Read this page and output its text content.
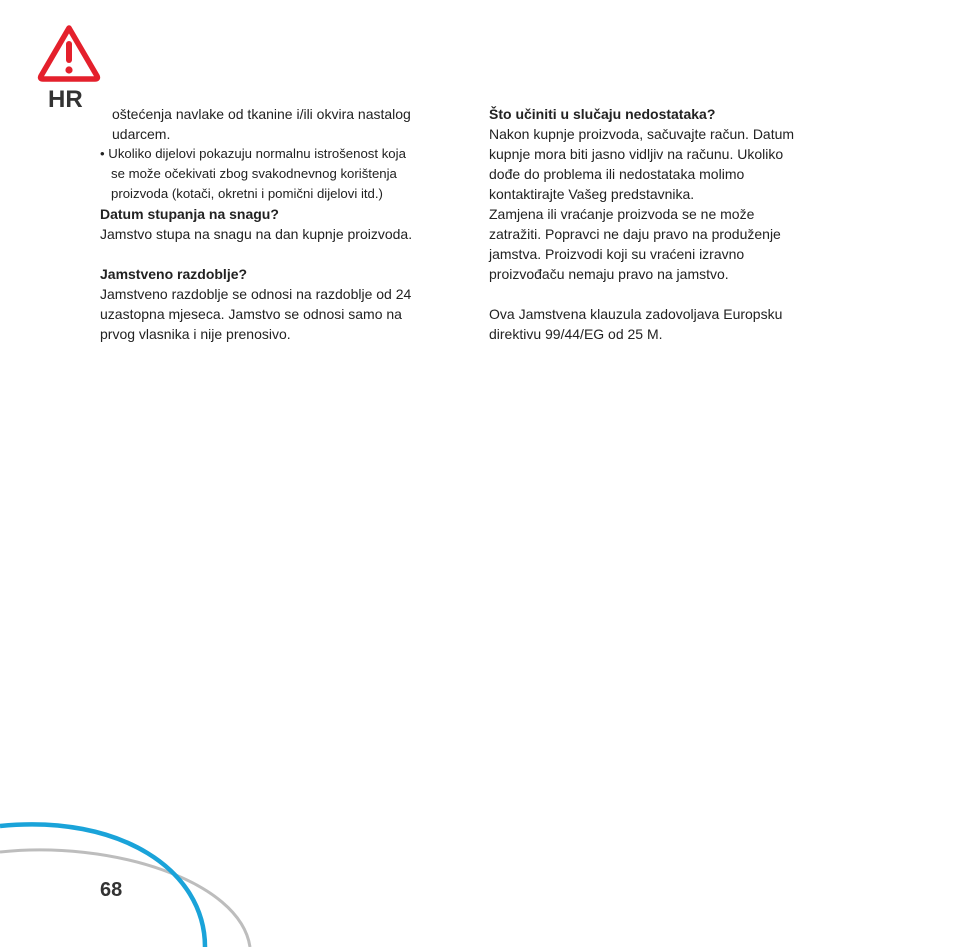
HR

oštećenja navlake od tkanine i/ili okvira nastalog

udarcem.

• Ukoliko dijelovi pokazuju normalnu istrošenost koja

se može očekivati zbog svakodnevnog korištenja

proizvoda (kotači, okretni i pomični dijelovi itd.)

Datum stupanja na snagu?

Jamstvo stupa na snagu na dan kupnje proizvoda.

Jamstveno razdoblje?

Jamstveno razdoblje se odnosi na razdoblje od 24

uzastopna mjeseca. Jamstvo se odnosi samo na

prvog vlasnika i nije prenosivo.

Što učiniti u slučaju nedostataka?

Nakon kupnje proizvoda, sačuvajte račun. Datum

kupnje mora biti jasno vidljiv na računu. Ukoliko

dođe do problema ili nedostataka molimo

kontaktirajte Vašeg predstavnika.

Zamjena ili vraćanje proizvoda se ne može

zatražiti. Popravci ne daju pravo na produženje

jamstva. Proizvodi koji su vraćeni izravno

proizvođaču nemaju pravo na jamstvo.

Ova Jamstvena klauzula zadovoljava Europsku

direktivu 99/44/EG od 25 M.

68
